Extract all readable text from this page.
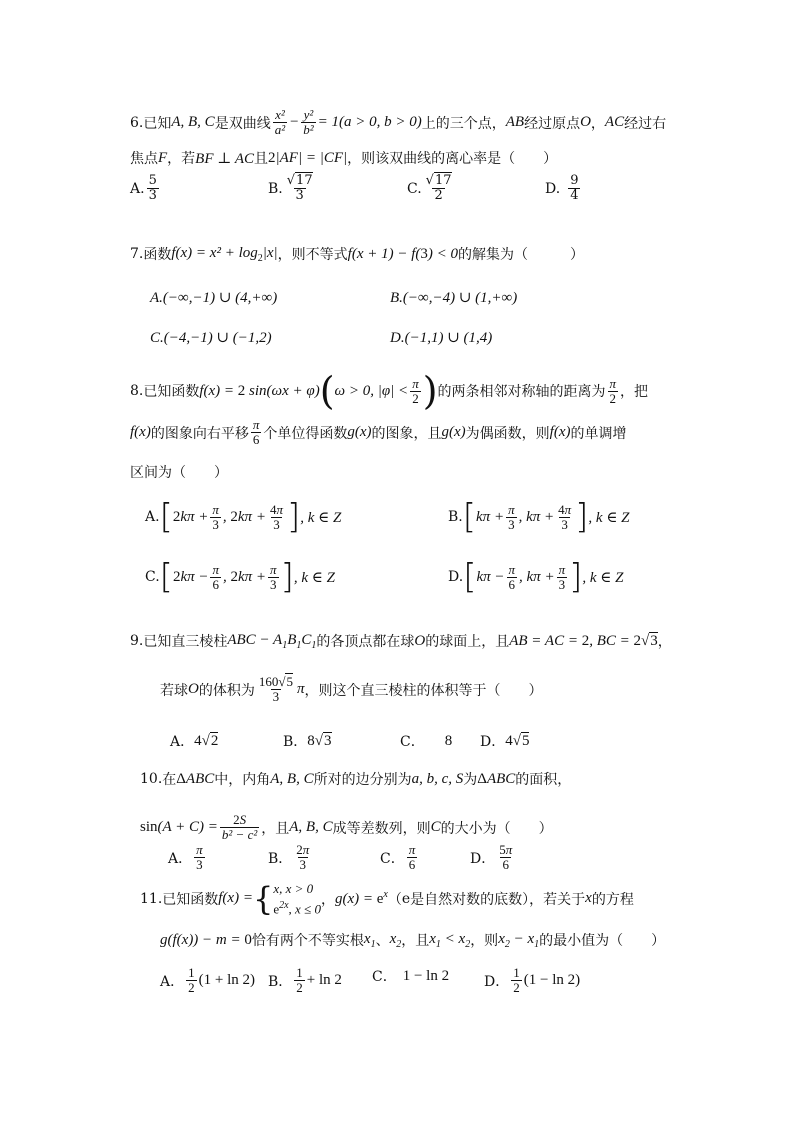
6. 已知 A, B, C 是双曲线 $\frac{\text{x²}}{\text{a²}} - \frac{\text{y²}}{\text{b²}} = 1(a > 0$, b > 0) 上的三个点， AB 经过原点 O ， AC 经过右
焦点 F ，若 BF ⊥ AC 且 2|AF| = |CF| ，则该双曲线的离心率是（　　）
A. $\frac{5}{3}$	B. $\frac{√17}{3}$	C. $\frac{√17}{2}$	D. $\frac{9}{4}$
7. 函数 $f(x) = x^2 + \log_2|x|$ ，则不等式 f(x + 1) − f(3) < 0 的解集为（　　　）
A.(−∞,−1) ∪ (4,+∞)	B.(−∞,−4) ∪ (1,+∞)
C.(−4,−1) ∪ (−1,2)	D.(−1,1) ∪ (1,4)
8. 已知函数 f(x) = 2 sin(ωx + φ) ( ω > 0, $|\varphi| < \frac{\pi}{2}$ ) 的两条相邻对称轴的距离为 $\frac{\pi}{2}$ ，把
f(x) 的图象向右平移 $\frac{\pi}{6}$ 个单位得函数 g(x) 的图象，且 g(x) 为偶函数，则 f(x) 的单调增
区间为（　　）
A. [ $2k\pi + \frac{\pi}{3}$ , $2k\pi + \frac{4\pi}{3}$ ] , k ∈ Z	B. [ $k\pi + \frac{\pi}{3}$ , $k\pi + \frac{4\pi}{3}$ ] , k ∈ Z
C. [ $2k\pi - \frac{\pi}{6}$ , $2k\pi + \frac{\pi}{3}$ ] , k ∈ Z	D. [ $k\pi - \frac{\pi}{6}$ , $k\pi + \frac{\pi}{3}$ ] , k ∈ Z
9. 已知直三棱柱 ABC − $A_1B_1C_1$ 的各顶点都在球 O 的球面上，且 AB = AC = 2, BC = 2√3 ，
若球 O 的体积为 $\frac{160√5}{3}$ π ，则这个直三棱柱的体积等于（　　）
A． 4√2	B． 8√3	C． 8 D． 4√5
10. 在 ΔABC 中，内角 A, B, C 所对的边分别为 a, b, c, S 为 ΔABC 的面积，
$\sin(A + C) = \frac{2S}{\text{b² − c²}}$ ，且 A, B, C 成等差数列，则 C 的大小为（　　）
A． $\frac{\pi}{3}$	B． $\frac{2\pi}{3}$	C． $\frac{\pi}{6}$	D． $\frac{5\pi}{6}$
11. 已知函数 f(x) = { x, x > 0
$e^{2x}$, x ≤ 0
， $g(x) = e^x$ （ e 是自然对数的底数），若关于 x 的方程
g(f(x)) − m = 0 恰有两个不等实根 $x_1$ 、 $x_2$ ，且 $x_1 < x_2$ ，则 $x_2 - x_1$ 的最小值为（　　）
A． $\frac{1}{2} (1 + \ln 2)$ B． $\frac{1}{2} + \ln 2$ C． 1 − ln 2 D． $\frac{1}{2} (1 - \ln 2)$
